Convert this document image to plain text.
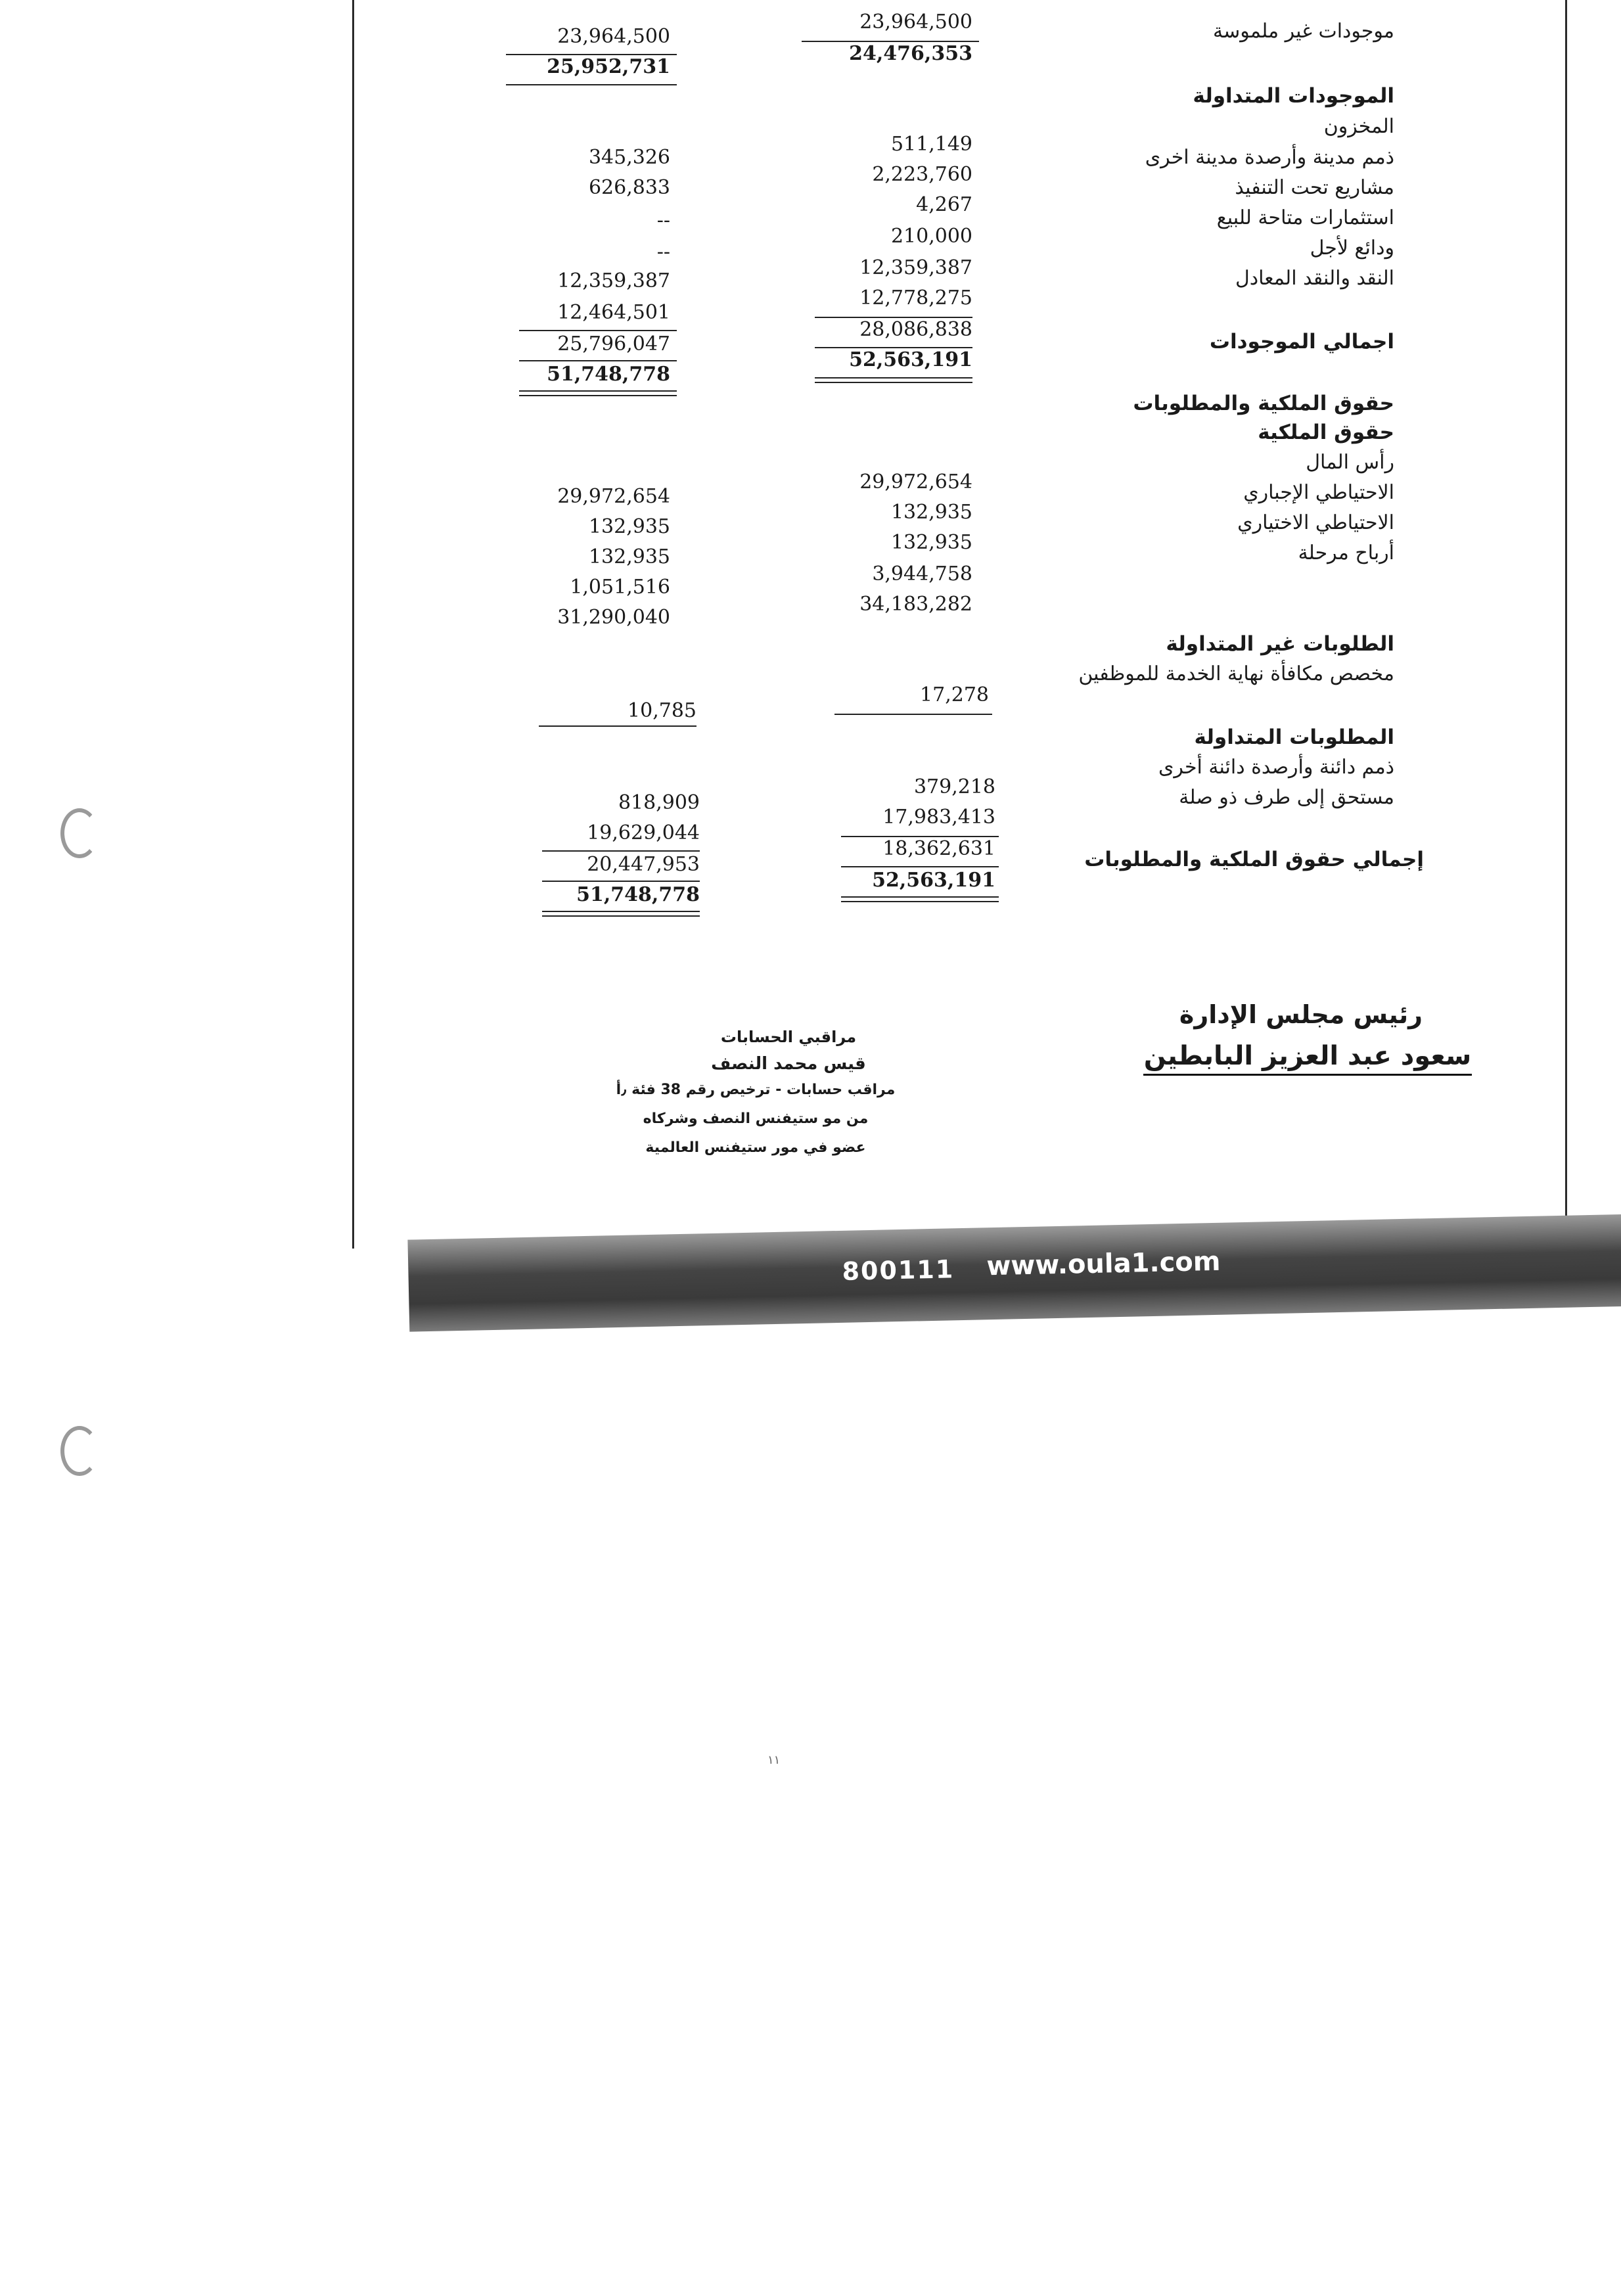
موجودات غير ملموسة
23,964,500
23,964,500
24,476,353
25,952,731
الموجودات المتداولة
المخزون
ذمم مدينة وأرصدة مدينة اخرى
511,149
345,326
مشاريع تحت التنفيذ
2,223,760
626,833
استثمارات متاحة للبيع
4,267
--
ودائع لأجل
210,000
--
النقد والنقد المعادل
12,359,387
12,359,387
12,778,275
12,464,501
28,086,838
25,796,047	اجمالي الموجودات
52,563,191
51,748,778
حقوق الملكية والمطلوبات
حقوق الملكية
رأس المال
الاحتياطي الإجباري
الاحتياطي الاختياري
أرباح مرحلة
29,972,654
29,972,654
132,935
132,935
132,935
132,935
3,944,758
1,051,516
34,183,282
31,290,040
الطلوبات غير المتداولة
مخصص مكافأة نهاية الخدمة للموظفين
17,278
10,785
المطلوبات المتداولة
ذمم دائنة وأرصدة دائنة أخرى
مستحق إلى طرف ذو صلة
379,218
818,909
17,983,413
19,629,044
18,362,631
20,447,953	إجمالي حقوق الملكية والمطلوبات
52,563,191
51,748,778
رئيس مجلس الإدارة
سعود عبد العزيز البابطين
مراقبي الحسابات
قيس محمد النصف
مراقب حسابات - ترخيص رقم 38 فئة ٫أ
من مو ستيفنس النصف وشركاه
عضو في مور ستيفنس العالمية
800111 www.oula1.com
١١
